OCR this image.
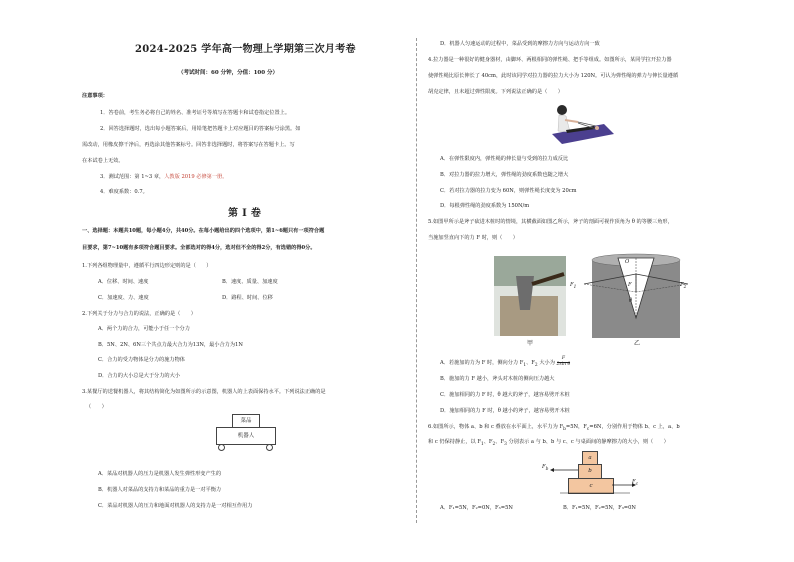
2024-2025 学年高一物理上学期第三次月考卷
（考试时间：60 分钟，分值：100 分）
注意事项：
1．答卷前，考生务必将自己的姓名、准考证号等填写在答题卡和试卷指定位置上。
2．回答选择题时，选出每小题答案后，用铅笔把答题卡上对应题目的答案标号涂黑。如
需改动，用橡皮擦干净后，再选涂其他答案标号。回答非选择题时，将答案写在答题卡上。写
在本试卷上无效。
3．测试范围：第 1~3 章，人教版 2019 必修第一册。
4．难度系数：0.7。
第 Ⅰ 卷
一、选择题：本题共10题，每小题4分，共40分。在每小题给出的四个选项中，第1~6题只有一项符合题
目要求，第7~10题有多项符合题目要求。全部选对的得4分，选对但不全的得2分，有选错的得0分。
1.下列各组物理量中，遵循平行四边形定则的是（　　）
A．位移、时间、速度	B．速度、质量、加速度
C．加速度、力、速度	D．路程、时间、位移
2.下列关于分力与合力的说法，正确的是（　　）
A．两个力的合力，可能小于任一个分力
B．5N、2N、6N三个共点力最大合力为13N，最小合力为1N
C．合力的受力物体是分力的施力物体
D．合力的大小总是大于分力的大小
3.某餐厅的送餐机器人，将其结构简化为如图所示的示意图，机器人的上表面保持水平。下列说法正确的是
（　　）
菜品
机器人
A．菜品对机器人的压力是机器人发生弹性形变产生的
B．机器人对菜品的支持力和菜品的重力是一对平衡力
C．菜品对机器人的压力和地面对机器人的支持力是一对相互作用力
D．机器人匀速运动的过程中，菜品受到的摩擦力方向与运动方向一致
4.拉力器是一种很好的健身器材，由脚环、两根相同的弹性绳、把手等组成。如图所示，某同学拉开拉力器
使弹性绳比原长伸长了 40cm，此时该同学对拉力器的拉力大小为 120N。可认为弹性绳的弹力与伸长量遵循
胡克定律，且未超过弹性限度。下列说法正确的是（　　）
A．在弹性限度内，弹性绳的伸长量与受到的拉力成反比
B．对拉力器的拉力增大，弹性绳的劲度系数也随之增大
C．若对拉力器的拉力变为 60N，则弹性绳长度变为 20cm
D．每根弹性绳的劲度系数为 150N/m
5.如图甲所示是斧子砍进木桩时的情境，其横截面如图乙所示，斧子的剖面可视作顶角为 θ 的等腰三角形，
当施加竖直向下的力 F 时，则（　　）
甲
O
F
$F_1$	$F_2$
θ
乙
A．若施加的力为 F 时，侧向分力 $F_1$、$F_2$ 大小为 $\frac{F}{\text{2sin θ}}$
B．施加的力 F 越小，斧头对木桩的侧向压力越大
C．施加相同的力 F 时，θ 越大的斧子，越容易劈开木桩
D．施加相同的力 F 时，θ 越小的斧子，越容易劈开木桩
6.如图所示，物体 a、b 和 c 叠放在水平面上，水平力为 $F_b=5N$，$F_c=6N$，分别作用于物体 b、c 上，a、b
和 c 仍保持静止，以 $F_1$、$F_2$、$F_3$ 分别表示 a 与 b、b 与 c、c 与桌面间的静摩擦力的大小，则（　　）
a
b
c
$F_b$
$F_c$
A．F₁=5N，F₂=0N，F₃=5N	B．F₁=5N，F₂=5N，F₃=0N
